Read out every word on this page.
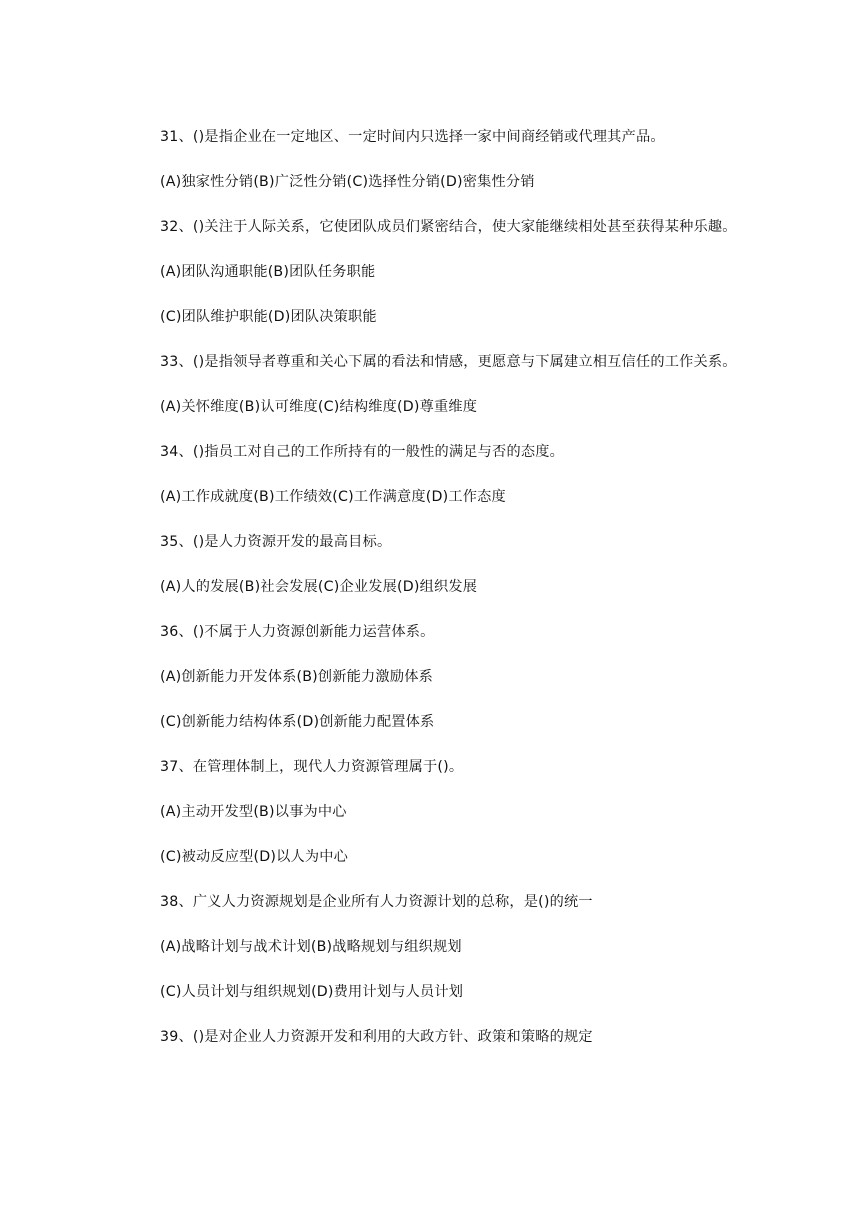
31、()是指企业在一定地区、一定时间内只选择一家中间商经销或代理其产品。

(A)独家性分销(B)广泛性分销(C)选择性分销(D)密集性分销

32、()关注于人际关系，它使团队成员们紧密结合，使大家能继续相处甚至获得某种乐趣。

(A)团队沟通职能(B)团队任务职能

(C)团队维护职能(D)团队决策职能

33、()是指领导者尊重和关心下属的看法和情感，更愿意与下属建立相互信任的工作关系。

(A)关怀维度(B)认可维度(C)结构维度(D)尊重维度

34、()指员工对自己的工作所持有的一般性的满足与否的态度。

(A)工作成就度(B)工作绩效(C)工作满意度(D)工作态度

35、()是人力资源开发的最高目标。

(A)人的发展(B)社会发展(C)企业发展(D)组织发展

36、()不属于人力资源创新能力运营体系。

(A)创新能力开发体系(B)创新能力激励体系

(C)创新能力结构体系(D)创新能力配置体系

37、在管理体制上，现代人力资源管理属于()。

(A)主动开发型(B)以事为中心

(C)被动反应型(D)以人为中心

38、广义人力资源规划是企业所有人力资源计划的总称，是()的统一

(A)战略计划与战术计划(B)战略规划与组织规划

(C)人员计划与组织规划(D)费用计划与人员计划

39、()是对企业人力资源开发和利用的大政方针、政策和策略的规定
